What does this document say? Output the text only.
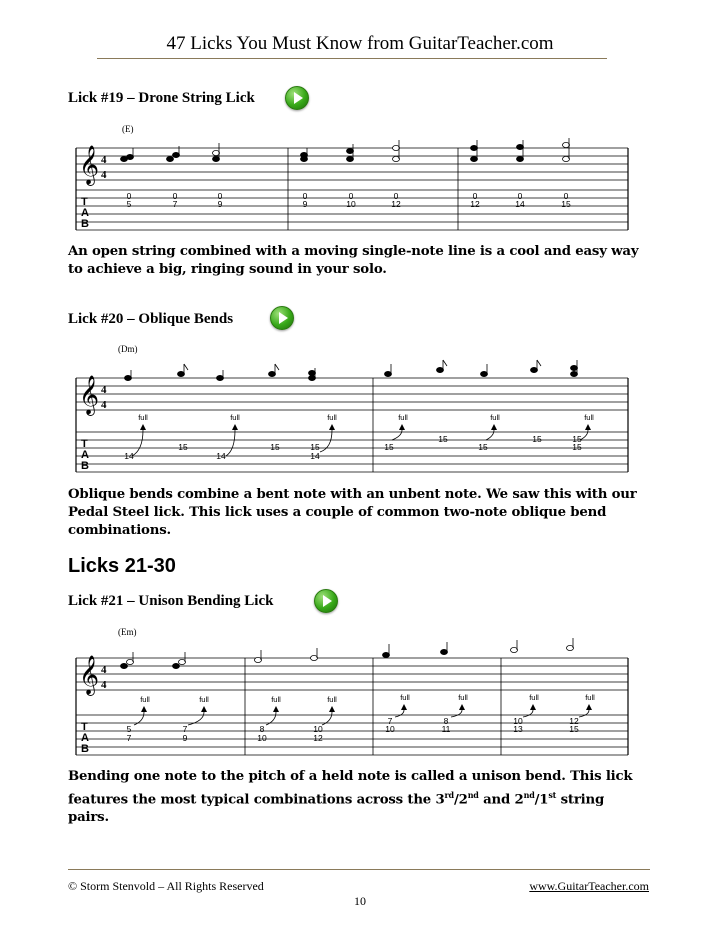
47 Licks You Must Know from GuitarTeacher.com
Lick #19 – Drone String Lick
(E)
𝄞 4
4
T
A
B
0
5
0
7
0
9
0
9
0
10
0
12
0
12
0
14
0
15
An open string combined with a moving single-note line is a cool and easy way to achieve a big, ringing sound in your solo.
Lick #20 – Oblique Bends
(Dm)
𝄞 4
4
T
A
B
full	full	full	full	full	full
14
15
14
15	15
14
15
15
15
15	15
15
Oblique bends combine a bent note with an unbent note. We saw this with our Pedal Steel lick. This lick uses a couple of common two-note oblique bend combinations.
Licks 21-30
Lick #21 – Unison Bending Lick
(Em)
𝄞 4
4
T
A
B
full	full	full	full	full	full	full	full
5
7
7
9
8
10
10
12
7
10
8
11
10
13
12
15
Bending one note to the pitch of a held note is called a unison bend. This lick features the most typical combinations across the 3rd/2nd and 2nd/1st string pairs.
© Storm Stenvold – All Rights Reserved	www.GuitarTeacher.com
10
